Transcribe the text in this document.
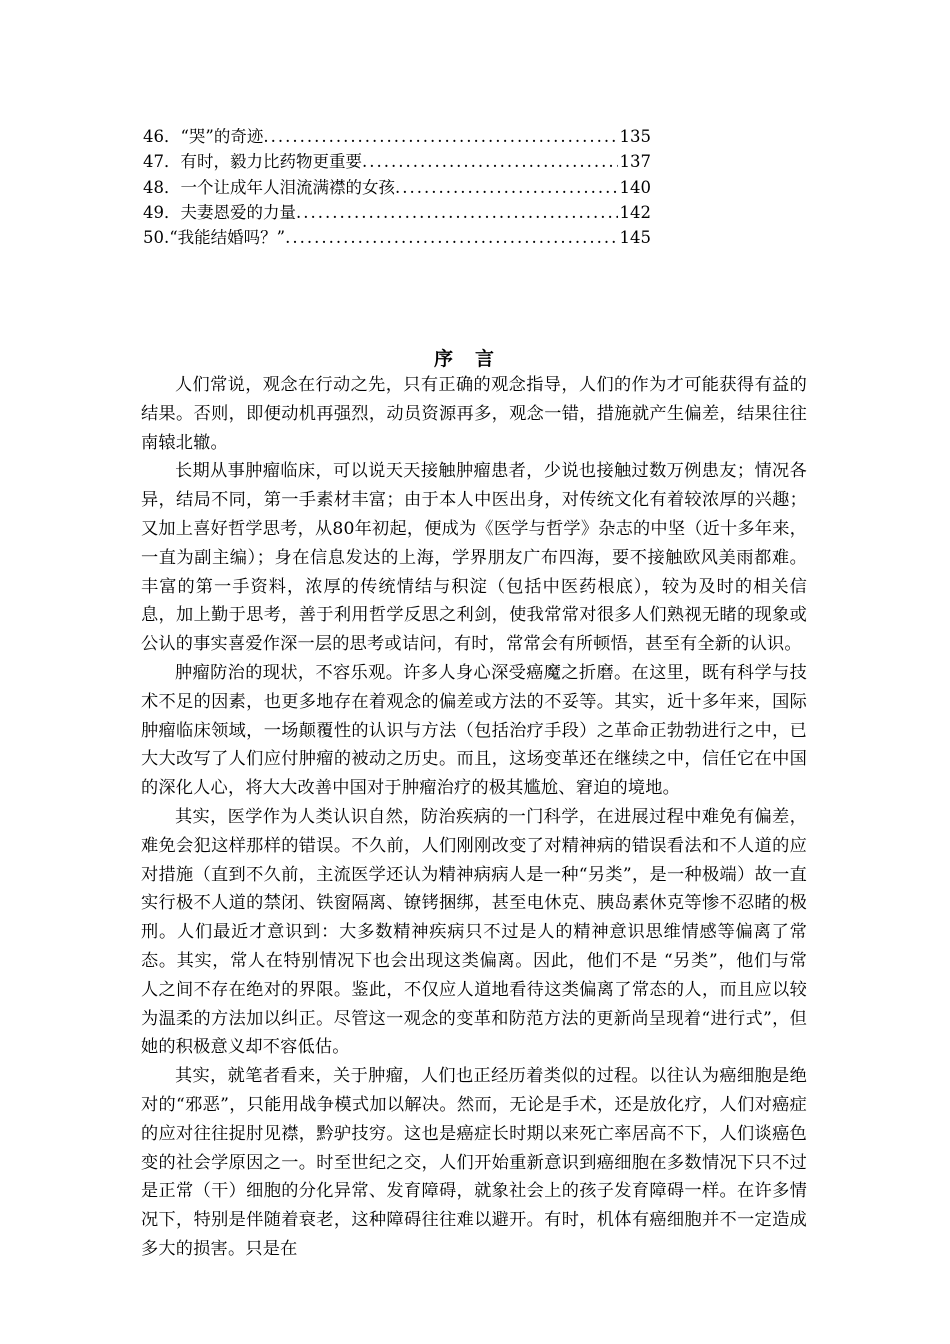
46．“哭”的奇迹 .....	135
47．有时，毅力比药物更重要 .....	137
48．一个让成年人泪流满襟的女孩 .....	140
49．夫妻恩爱的力量 .....	142
50.“我能结婚吗？” .....	145
序言

人们常说，观念在行动之先，只有正确的观念指导，人们的作为才可能获得有益的结果。否则，即便动机再强烈，动员资源再多，观念一错，措施就产生偏差，结果往往南辕北辙。

长期从事肿瘤临床，可以说天天接触肿瘤患者，少说也接触过数万例患友；情况各异，结局不同，第一手素材丰富；由于本人中医出身，对传统文化有着较浓厚的兴趣；又加上喜好哲学思考，从80年初起，便成为《医学与哲学》杂志的中坚（近十多年来，一直为副主编）；身在信息发达的上海，学界朋友广布四海，要不接触欧风美雨都难。丰富的第一手资料，浓厚的传统情结与积淀（包括中医药根底），较为及时的相关信息，加上勤于思考，善于利用哲学反思之利剑，使我常常对很多人们熟视无睹的现象或公认的事实喜爱作深一层的思考或诘问，有时，常常会有所顿悟，甚至有全新的认识。

肿瘤防治的现状，不容乐观。许多人身心深受癌魔之折磨。在这里，既有科学与技术不足的因素，也更多地存在着观念的偏差或方法的不妥等。其实，近十多年来，国际肿瘤临床领域，一场颠覆性的认识与方法（包括治疗手段）之革命正勃勃进行之中，已大大改写了人们应付肿瘤的被动之历史。而且，这场变革还在继续之中，信任它在中国的深化人心，将大大改善中国对于肿瘤治疗的极其尴尬、窘迫的境地。

其实，医学作为人类认识自然，防治疾病的一门科学，在进展过程中难免有偏差，难免会犯这样那样的错误。不久前，人们刚刚改变了对精神病的错误看法和不人道的应对措施（直到不久前，主流医学还认为精神病病人是一种“另类”，是一种极端）故一直实行极不人道的禁闭、铁窗隔离、镣铐捆绑，甚至电休克、胰岛素休克等惨不忍睹的极刑。人们最近才意识到：大多数精神疾病只不过是人的精神意识思维情感等偏离了常态。其实，常人在特别情况下也会出现这类偏离。因此，他们不是 “另类”，他们与常人之间不存在绝对的界限。鉴此，不仅应人道地看待这类偏离了常态的人，而且应以较为温柔的方法加以纠正。尽管这一观念的变革和防范方法的更新尚呈现着“进行式”，但她的积极意义却不容低估。

其实，就笔者看来，关于肿瘤，人们也正经历着类似的过程。以往认为癌细胞是绝对的“邪恶”，只能用战争模式加以解决。然而，无论是手术，还是放化疗，人们对癌症的应对往往捉肘见襟，黔驴技穷。这也是癌症长时期以来死亡率居高不下，人们谈癌色变的社会学原因之一。时至世纪之交，人们开始重新意识到癌细胞在多数情况下只不过是正常（干）细胞的分化异常、发育障碍，就象社会上的孩子发育障碍一样。在许多情况下，特别是伴随着衰老，这种障碍往往难以避开。有时，机体有癌细胞并不一定造成多大的损害。只是在
